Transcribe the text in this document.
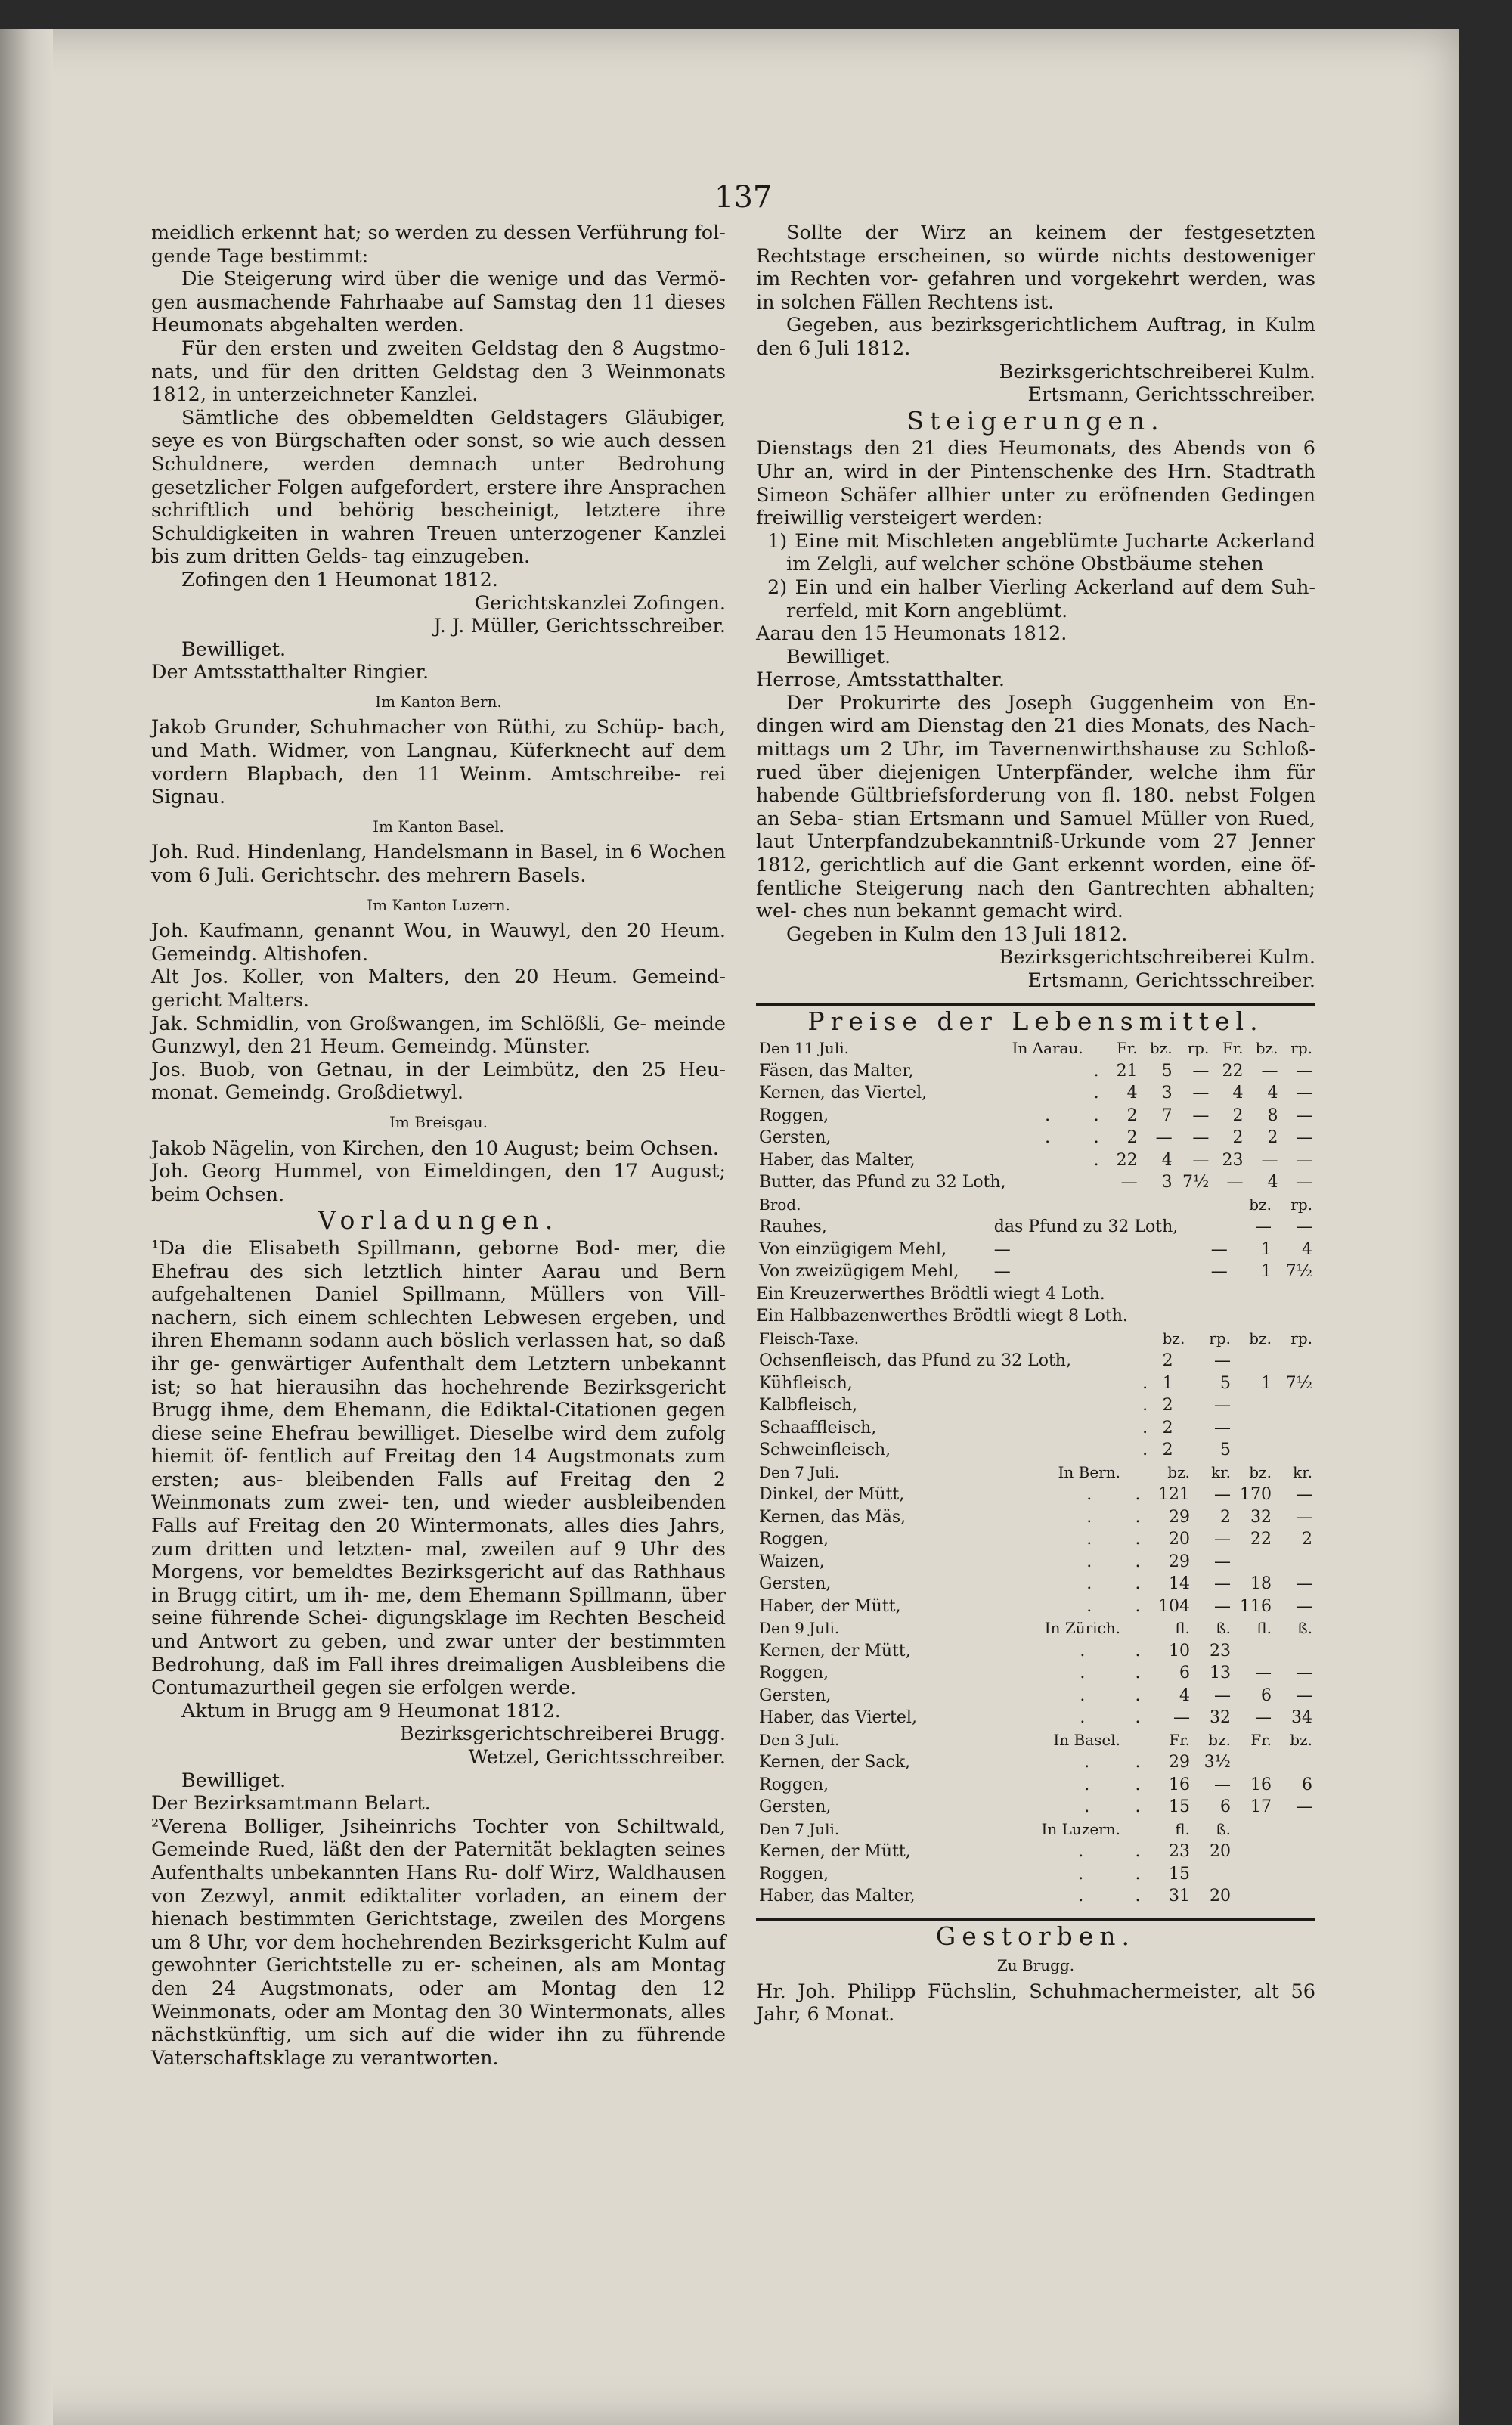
137

meidlich erkennt hat; so werden zu dessen Verführung fol-

gende Tage bestimmt:

Die Steigerung wird über die wenige und das Vermö- gen ausmachende Fahrhaabe auf Samstag den 11 dieses Heumonats abgehalten werden.

Für den ersten und zweiten Geldstag den 8 Augstmo- nats, und für den dritten Geldstag den 3 Weinmonats 1812, in unterzeichneter Kanzlei.

Sämtliche des obbemeldten Geldstagers Gläubiger, seye es von Bürgschaften oder sonst, so wie auch dessen Schuldnere, werden demnach unter Bedrohung gesetzlicher Folgen aufgefordert, erstere ihre Ansprachen schriftlich und behörig bescheinigt, letztere ihre Schuldigkeiten in wahren Treuen unterzogener Kanzlei bis zum dritten Gelds- tag einzugeben.

Zofingen den 1 Heumonat 1812.

Gerichtskanzlei Zofingen.

J. J. Müller, Gerichtsschreiber.

Bewilliget.

Der Amtsstatthalter Ringier.

Im Kanton Bern.

Jakob Grunder, Schuhmacher von Rüthi, zu Schüp- bach, und Math. Widmer, von Langnau, Küferknecht auf dem vordern Blapbach, den 11 Weinm. Amtschreibe- rei Signau.

Im Kanton Basel.

Joh. Rud. Hindenlang, Handelsmann in Basel, in 6 Wochen vom 6 Juli. Gerichtschr. des mehrern Basels.

Im Kanton Luzern.

Joh. Kaufmann, genannt Wou, in Wauwyl, den 20 Heum. Gemeindg. Altishofen.

Alt Jos. Koller, von Malters, den 20 Heum. Gemeind- gericht Malters.

Jak. Schmidlin, von Großwangen, im Schlößli, Ge- meinde Gunzwyl, den 21 Heum. Gemeindg. Münster.

Jos. Buob, von Getnau, in der Leimbütz, den 25 Heu- monat. Gemeindg. Großdietwyl.

Im Breisgau.

Jakob Nägelin, von Kirchen, den 10 August; beim Ochsen.

Joh. Georg Hummel, von Eimeldingen, den 17 August; beim Ochsen.

Vorladungen.

¹Da die Elisabeth Spillmann, geborne Bod- mer, die Ehefrau des sich letztlich hinter Aarau und Bern aufgehaltenen Daniel Spillmann, Müllers von Vill- nachern, sich einem schlechten Lebwesen ergeben, und ihren Ehemann sodann auch böslich verlassen hat, so daß ihr ge- genwärtiger Aufenthalt dem Letztern unbekannt ist; so hat hierausihn das hochehrende Bezirksgericht Brugg ihme, dem Ehemann, die Ediktal-Citationen gegen diese seine Ehefrau bewilliget. Dieselbe wird dem zufolg hiemit öf- fentlich auf Freitag den 14 Augstmonats zum ersten; aus- bleibenden Falls auf Freitag den 2 Weinmonats zum zwei- ten, und wieder ausbleibenden Falls auf Freitag den 20 Wintermonats, alles dies Jahrs, zum dritten und letzten- mal, zweilen auf 9 Uhr des Morgens, vor bemeldtes Bezirksgericht auf das Rathhaus in Brugg citirt, um ih- me, dem Ehemann Spillmann, über seine führende Schei- digungsklage im Rechten Bescheid und Antwort zu geben, und zwar unter der bestimmten Bedrohung, daß im Fall ihres dreimaligen Ausbleibens die Contumazurtheil gegen sie erfolgen werde.

Aktum in Brugg am 9 Heumonat 1812.

Bezirksgerichtschreiberei Brugg.

Wetzel, Gerichtsschreiber.

Bewilliget.

Der Bezirksamtmann Belart.

²Verena Bolliger, Jsiheinrichs Tochter von Schiltwald, Gemeinde Rued, läßt den der Paternität beklagten seines Aufenthalts unbekannten Hans Ru- dolf Wirz, Waldhausen von Zezwyl, anmit ediktaliter vorladen, an einem der hienach bestimmten Gerichtstage, zweilen des Morgens um 8 Uhr, vor dem hochehrenden Bezirksgericht Kulm auf gewohnter Gerichtstelle zu er- scheinen, als am Montag den 24 Augstmonats, oder am Montag den 12 Weinmonats, oder am Montag den 30 Wintermonats, alles nächstkünftig, um sich auf die wider ihn zu führende Vaterschaftsklage zu verantworten.

Sollte der Wirz an keinem der festgesetzten Rechtstage erscheinen, so würde nichts destoweniger im Rechten vor- gefahren und vorgekehrt werden, was in solchen Fällen Rechtens ist.

Gegeben, aus bezirksgerichtlichem Auftrag, in Kulm den 6 Juli 1812.

Bezirksgerichtschreiberei Kulm.

Ertsmann, Gerichtsschreiber.

Steigerungen.

Dienstags den 21 dies Heumonats, des Abends von 6 Uhr an, wird in der Pintenschenke des Hrn. Stadtrath Simeon Schäfer allhier unter zu eröfnenden Gedingen freiwillig versteigert werden:

1) Eine mit Mischleten angeblümte Jucharte Ackerland im Zelgli, auf welcher schöne Obstbäume stehen

2) Ein und ein halber Vierling Ackerland auf dem Suh- rerfeld, mit Korn angeblümt.

Aarau den 15 Heumonats 1812.

Bewilliget.

Herrose, Amtsstatthalter.

Der Prokurirte des Joseph Guggenheim von En- dingen wird am Dienstag den 21 dies Monats, des Nach- mittags um 2 Uhr, im Tavernenwirthshause zu Schloß- rued über diejenigen Unterpfänder, welche ihm für habende Gültbriefsforderung von fl. 180. nebst Folgen an Seba- stian Ertsmann und Samuel Müller von Rued, laut Unterpfandzubekanntniß-Urkunde vom 27 Jenner 1812, gerichtlich auf die Gant erkennt worden, eine öf- fentliche Steigerung nach den Gantrechten abhalten; wel- ches nun bekannt gemacht wird.

Gegeben in Kulm den 13 Juli 1812.

Bezirksgerichtschreiberei Kulm.

Ertsmann, Gerichtsschreiber.

Preise der Lebensmittel.
Den 11 Juli.	In Aarau.		Fr.	bz.	rp.	Fr.	bz.	rp.
Fäsen, das Malter,		.	21	5	—	22	—	—
Kernen, das Viertel,		.	4	3	—	4	4	—
Roggen,	.	.	2	7	—	2	8	—
Gersten,	.	.	2	—	—	2	2	—
Haber, das Malter,		.	22	4	—	23	—	—
Butter, das Pfund zu 32 Loth,			—	3	7½	—	4	—
Brod.			bz.	rp.
Rauhes,	das Pfund zu 32 Loth,		—	—
Von einzügigem Mehl,	—	—	1	4
Von zweizügigem Mehl,	—	—	1	7½

Ein Kreuzerwerthes Brödtli wiegt 4 Loth.

Ein Halbbazenwerthes Brödtli wiegt 8 Loth.

Fleisch-Taxe.		bz.	rp.	bz.	rp.
Ochsenfleisch, das Pfund zu 32 Loth,		2	—		
Kühfleisch,	.	1	5	1	7½
Kalbfleisch,	.	2	—		
Schaaffleisch,	.	2	—		
Schweinfleisch,	.	2	5		
Den 7 Juli.	In Bern.		bz.	kr.	bz.	kr.
Dinkel, der Mütt,	.	.	121	—	170	—
Kernen, das Mäs,	.	.	29	2	32	—
Roggen,	.	.	20	—	22	2
Waizen,	.	.	29	—		
Gersten,	.	.	14	—	18	—
Haber, der Mütt,	.	.	104	—	116	—
Den 9 Juli.	In Zürich.		fl.	ß.	fl.	ß.
Kernen, der Mütt,	.	.	10	23		
Roggen,	.	.	6	13	—	—
Gersten,	.	.	4	—	6	—
Haber, das Viertel,	.	.	—	32	—	34
Den 3 Juli.	In Basel.		Fr.	bz.	Fr.	bz.
Kernen, der Sack,	.	.	29	3½		
Roggen,	.	.	16	—	16	6
Gersten,	.	.	15	6	17	—
Den 7 Juli.	In Luzern.		fl.	ß.		
Kernen, der Mütt,	.	.	23	20		
Roggen,	.	.	15			
Haber, das Malter,	.	.	31	20		
Gestorben.
Zu Brugg.

Hr. Joh. Philipp Füchslin, Schuhmachermeister, alt 56 Jahr, 6 Monat.
